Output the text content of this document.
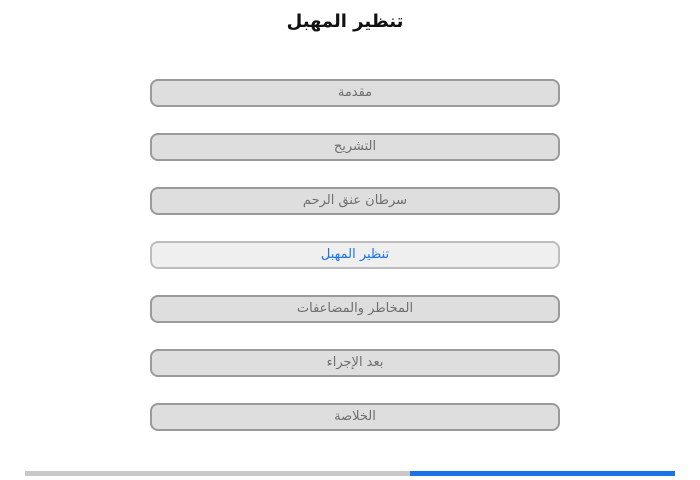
تنظير المهبل
مقدمة
التشريح
سرطان عنق الرحم
تنظير المهبل
المخاطر والمضاعفات
بعد الإجراء
الخلاصة
